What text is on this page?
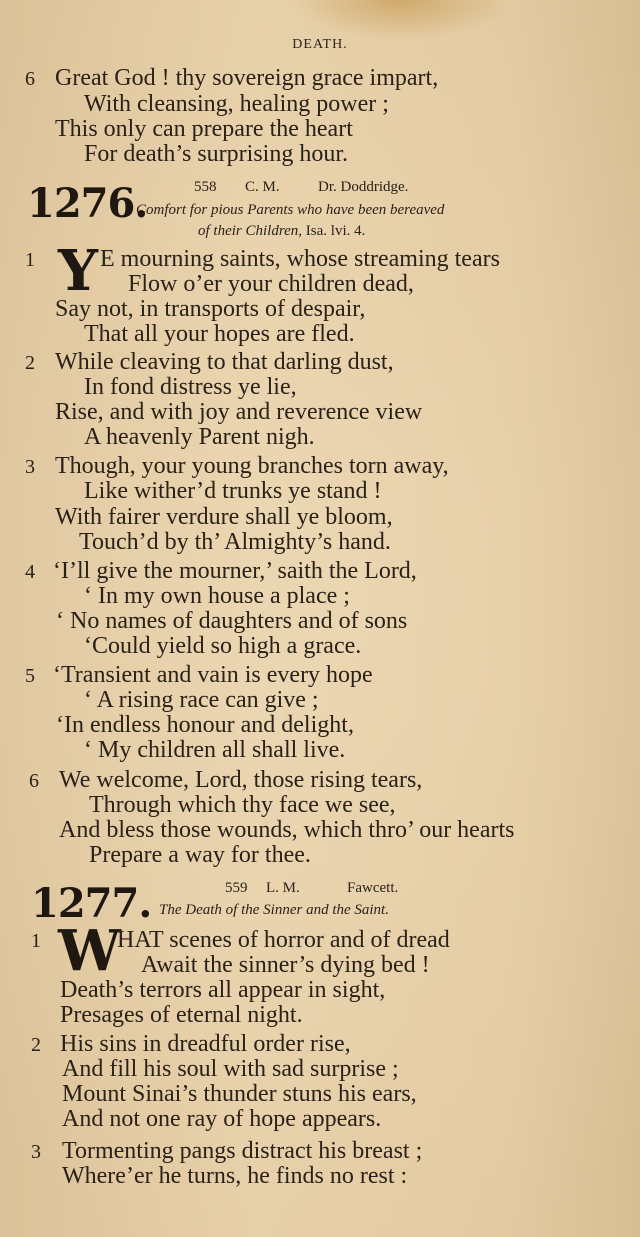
DEATH.
6 Great God ! thy sovereign grace impart,
With cleansing, healing power ;
This only can prepare the heart
For death’s surprising hour.
1276.	558 C. M.	Dr. Doddridge.
Comfort for pious Parents who have been bereaved
of their Children, Isa. lvi. 4.
1 Y E mourning saints, whose streaming tears
Flow o’er your children dead,
Say not, in transports of despair,
That all your hopes are fled.
2 While cleaving to that darling dust,
In fond distress ye lie,
Rise, and with joy and reverence view
A heavenly Parent nigh.
3 Though, your young branches torn away,
Like wither’d trunks ye stand !
With fairer verdure shall ye bloom,
Touch’d by th’ Almighty’s hand.
4 ‘I’ll give the mourner,’ saith the Lord,
‘ In my own house a place ;
‘ No names of daughters and of sons
‘Could yield so high a grace.
5 ‘Transient and vain is every hope
‘ A rising race can give ;
‘In endless honour and delight,
‘ My children all shall live.
6 We welcome, Lord, those rising tears,
Through which thy face we see,
And bless those wounds, which thro’ our hearts
Prepare a way for thee.
1277.	559 L. M.	Fawcett.
The Death of the Sinner and the Saint.
1 W
HAT scenes of horror and of dread
Await the sinner’s dying bed !
Death’s terrors all appear in sight,
Presages of eternal night.
2 His sins in dreadful order rise,
And fill his soul with sad surprise ;
Mount Sinai’s thunder stuns his ears,
And not one ray of hope appears.
3 Tormenting pangs distract his breast ;
Where’er he turns, he finds no rest :
